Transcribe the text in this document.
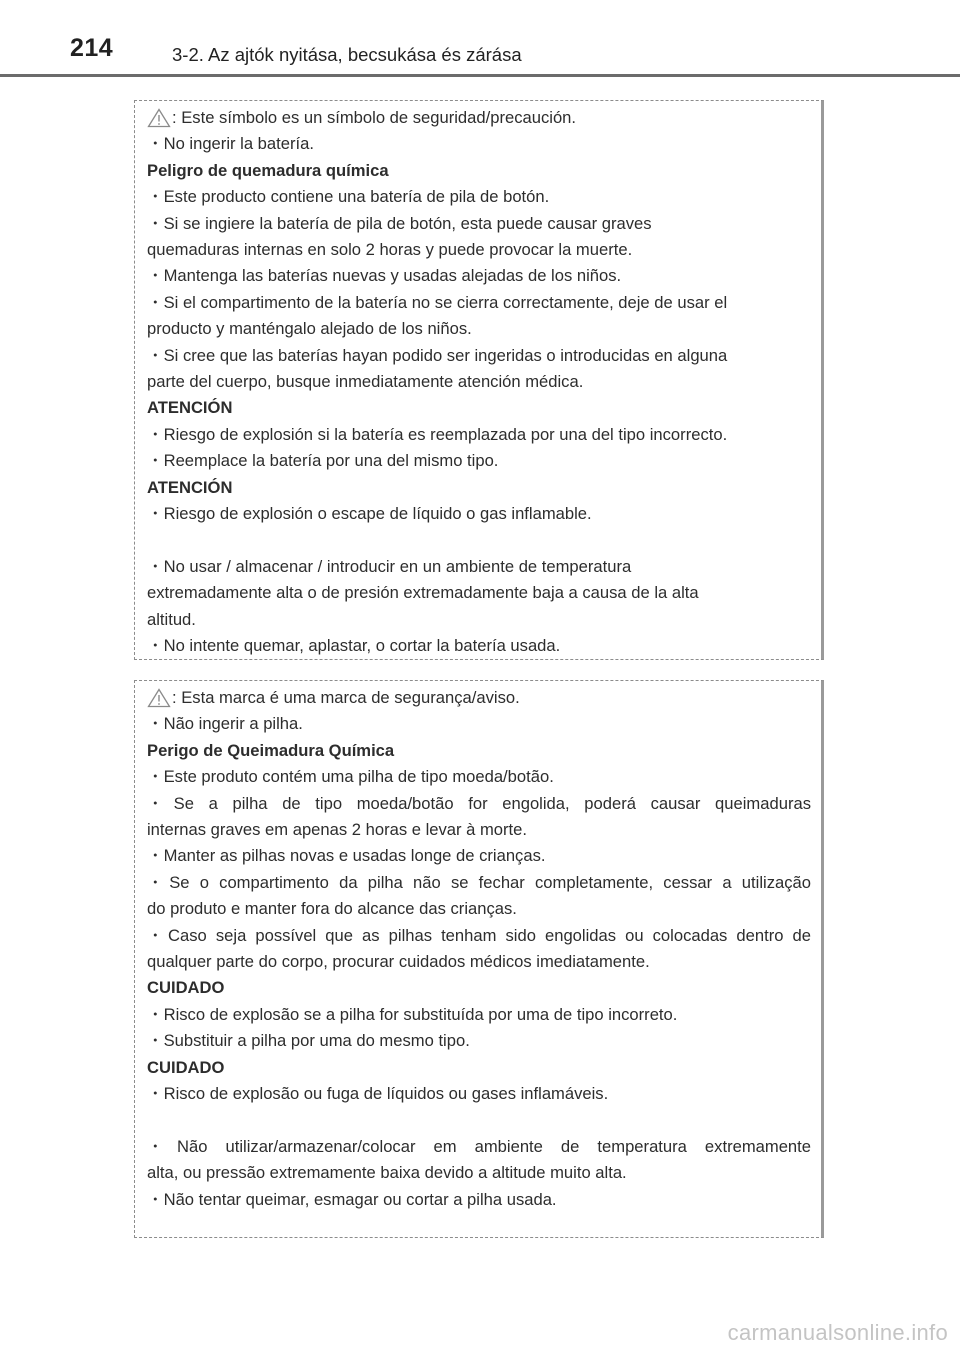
214	3-2. Az ajtók nyitása, becsukása és zárása
: Este símbolo es un símbolo de seguridad/precaución.
・No ingerir la batería.
Peligro de quemadura química
・Este producto contiene una batería de pila de botón.
・Si se ingiere la batería de pila de botón, esta puede causar graves
quemaduras internas en solo 2 horas y puede provocar la muerte.
・Mantenga las baterías nuevas y usadas alejadas de los niños.
・Si el compartimento de la batería no se cierra correctamente, deje de usar el
producto y manténgalo alejado de los niños.
・Si cree que las baterías hayan podido ser ingeridas o introducidas en alguna
parte del cuerpo, busque inmediatamente atención médica.
ATENCIÓN
・Riesgo de explosión si la batería es reemplazada por una del tipo incorrecto.
・Reemplace la batería por una del mismo tipo.
ATENCIÓN
・Riesgo de explosión o escape de líquido o gas inflamable.
・No usar / almacenar / introducir en un ambiente de temperatura
extremadamente alta o de presión extremadamente baja a causa de la alta
altitud.
・No intente quemar, aplastar, o cortar la batería usada.
: Esta marca é uma marca de segurança/aviso.
・Não ingerir a pilha.
Perigo de Queimadura Química
・Este produto contém uma pilha de tipo moeda/botão.
・Se a pilha de tipo moeda/botão for engolida, poderá causar queimaduras
internas graves em apenas 2 horas e levar à morte.
・Manter as pilhas novas e usadas longe de crianças.
・Se o compartimento da pilha não se fechar completamente, cessar a utilização
do produto e manter fora do alcance das crianças.
・Caso seja possível que as pilhas tenham sido engolidas ou colocadas dentro de
qualquer parte do corpo, procurar cuidados médicos imediatamente.
CUIDADO
・Risco de explosão se a pilha for substituída por uma de tipo incorreto.
・Substituir a pilha por uma do mesmo tipo.
CUIDADO
・Risco de explosão ou fuga de líquidos ou gases inflamáveis.
・Não utilizar/armazenar/colocar em ambiente de temperatura extremamente
alta, ou pressão extremamente baixa devido a altitude muito alta.
・Não tentar queimar, esmagar ou cortar a pilha usada.
carmanualsonline.info
